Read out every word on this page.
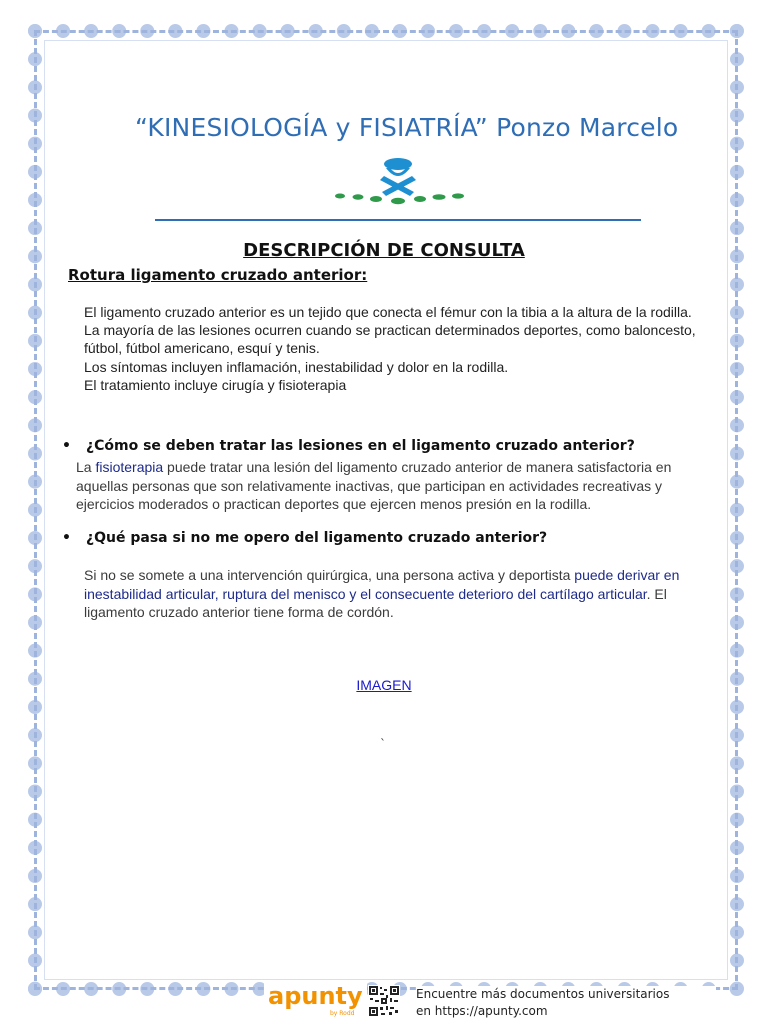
“KINESIOLOGÍA y FISIATRÍA” Ponzo Marcelo
DESCRIPCIÓN DE CONSULTA
Rotura ligamento cruzado anterior:

El ligamento cruzado anterior es un tejido que conecta el fémur con la tibia a la altura de la rodilla.

La mayoría de las lesiones ocurren cuando se practican determinados deportes, como baloncesto,

fútbol, fútbol americano, esquí y tenis.

Los síntomas incluyen inflamación, inestabilidad y dolor en la rodilla.

El tratamiento incluye cirugía y fisioterapia

• ¿Cómo se deben tratar las lesiones en el ligamento cruzado anterior?
La fisioterapia puede tratar una lesión del ligamento cruzado anterior de manera satisfactoria en
aquellas personas que son relativamente inactivas, que participan en actividades recreativas y
ejercicios moderados o practican deportes que ejercen menos presión en la rodilla.
• ¿Qué pasa si no me opero del ligamento cruzado anterior?
Si no se somete a una intervención quirúrgica, una persona activa y deportista puede derivar en
inestabilidad articular, ruptura del menisco y el consecuente deterioro del cartílago articular. El
ligamento cruzado anterior tiene forma de cordón.
IMAGEN
`
apunty
by Rodd
Encuentre más documentos universitarios
en https://apunty.com
